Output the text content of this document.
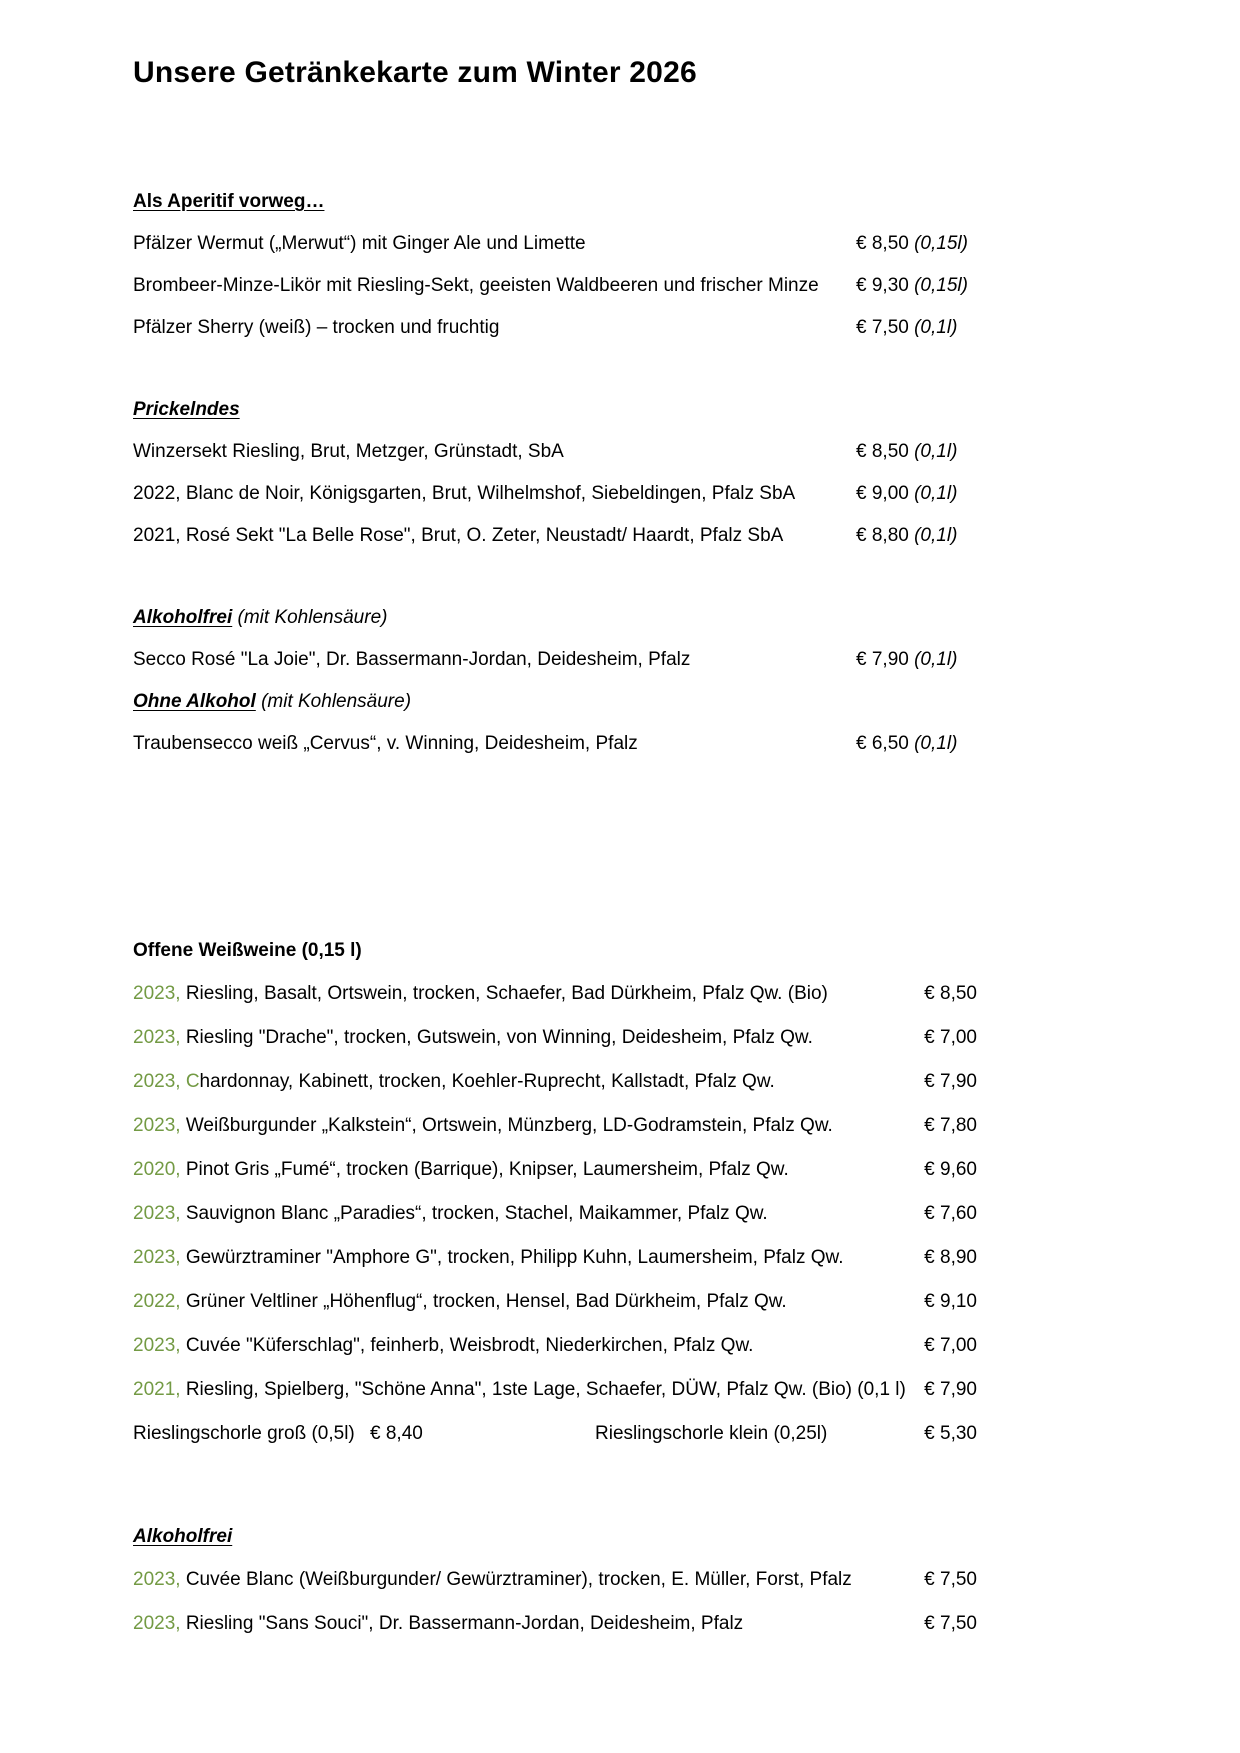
Unsere Getränkekarte zum Winter 2026
Als Aperitif vorweg…
Pfälzer Wermut („Merwut“) mit Ginger Ale und Limette	€ 8,50 (0,15l)
Brombeer-Minze-Likör mit Riesling-Sekt, geeisten Waldbeeren und frischer Minze	€ 9,30 (0,15l)
Pfälzer Sherry (weiß) – trocken und fruchtig	€ 7,50 (0,1l)
Prickelndes
Winzersekt Riesling, Brut, Metzger, Grünstadt, SbA	€ 8,50 (0,1l)
2022, Blanc de Noir, Königsgarten, Brut, Wilhelmshof, Siebeldingen, Pfalz SbA	€ 9,00 (0,1l)
2021, Rosé Sekt "La Belle Rose", Brut, O. Zeter, Neustadt/ Haardt, Pfalz SbA	€ 8,80 (0,1l)
Alkoholfrei (mit Kohlensäure)
Secco Rosé "La Joie", Dr. Bassermann-Jordan, Deidesheim, Pfalz	€ 7,90 (0,1l)
Ohne Alkohol (mit Kohlensäure)
Traubensecco weiß „Cervus“, v. Winning, Deidesheim, Pfalz	€ 6,50 (0,1l)
Offene Weißweine (0,15 l)
2023, Riesling, Basalt, Ortswein, trocken, Schaefer, Bad Dürkheim, Pfalz Qw. (Bio)	€ 8,50
2023, Riesling "Drache", trocken, Gutswein, von Winning, Deidesheim, Pfalz Qw.	€ 7,00
2023, Chardonnay, Kabinett, trocken, Koehler-Ruprecht, Kallstadt, Pfalz Qw.	€ 7,90
2023, Weißburgunder „Kalkstein“, Ortswein, Münzberg, LD-Godramstein, Pfalz Qw.	€ 7,80
2020, Pinot Gris „Fumé“, trocken (Barrique), Knipser, Laumersheim, Pfalz Qw.	€ 9,60
2023, Sauvignon Blanc „Paradies“, trocken, Stachel, Maikammer, Pfalz Qw.	€ 7,60
2023, Gewürztraminer "Amphore G", trocken, Philipp Kuhn, Laumersheim, Pfalz Qw.	€ 8,90
2022, Grüner Veltliner „Höhenflug“, trocken, Hensel, Bad Dürkheim, Pfalz Qw.	€ 9,10
2023, Cuvée "Küferschlag", feinherb, Weisbrodt, Niederkirchen, Pfalz Qw.	€ 7,00
2021, Riesling, Spielberg, "Schöne Anna", 1ste Lage, Schaefer, DÜW, Pfalz Qw. (Bio) (0,1 l) € 7,90
Rieslingschorle groß (0,5l) € 8,40	Rieslingschorle klein (0,25l)	€ 5,30
Alkoholfrei
2023, Cuvée Blanc (Weißburgunder/ Gewürztraminer), trocken, E. Müller, Forst, Pfalz	€ 7,50
2023, Riesling "Sans Souci", Dr. Bassermann-Jordan, Deidesheim, Pfalz	€ 7,50
